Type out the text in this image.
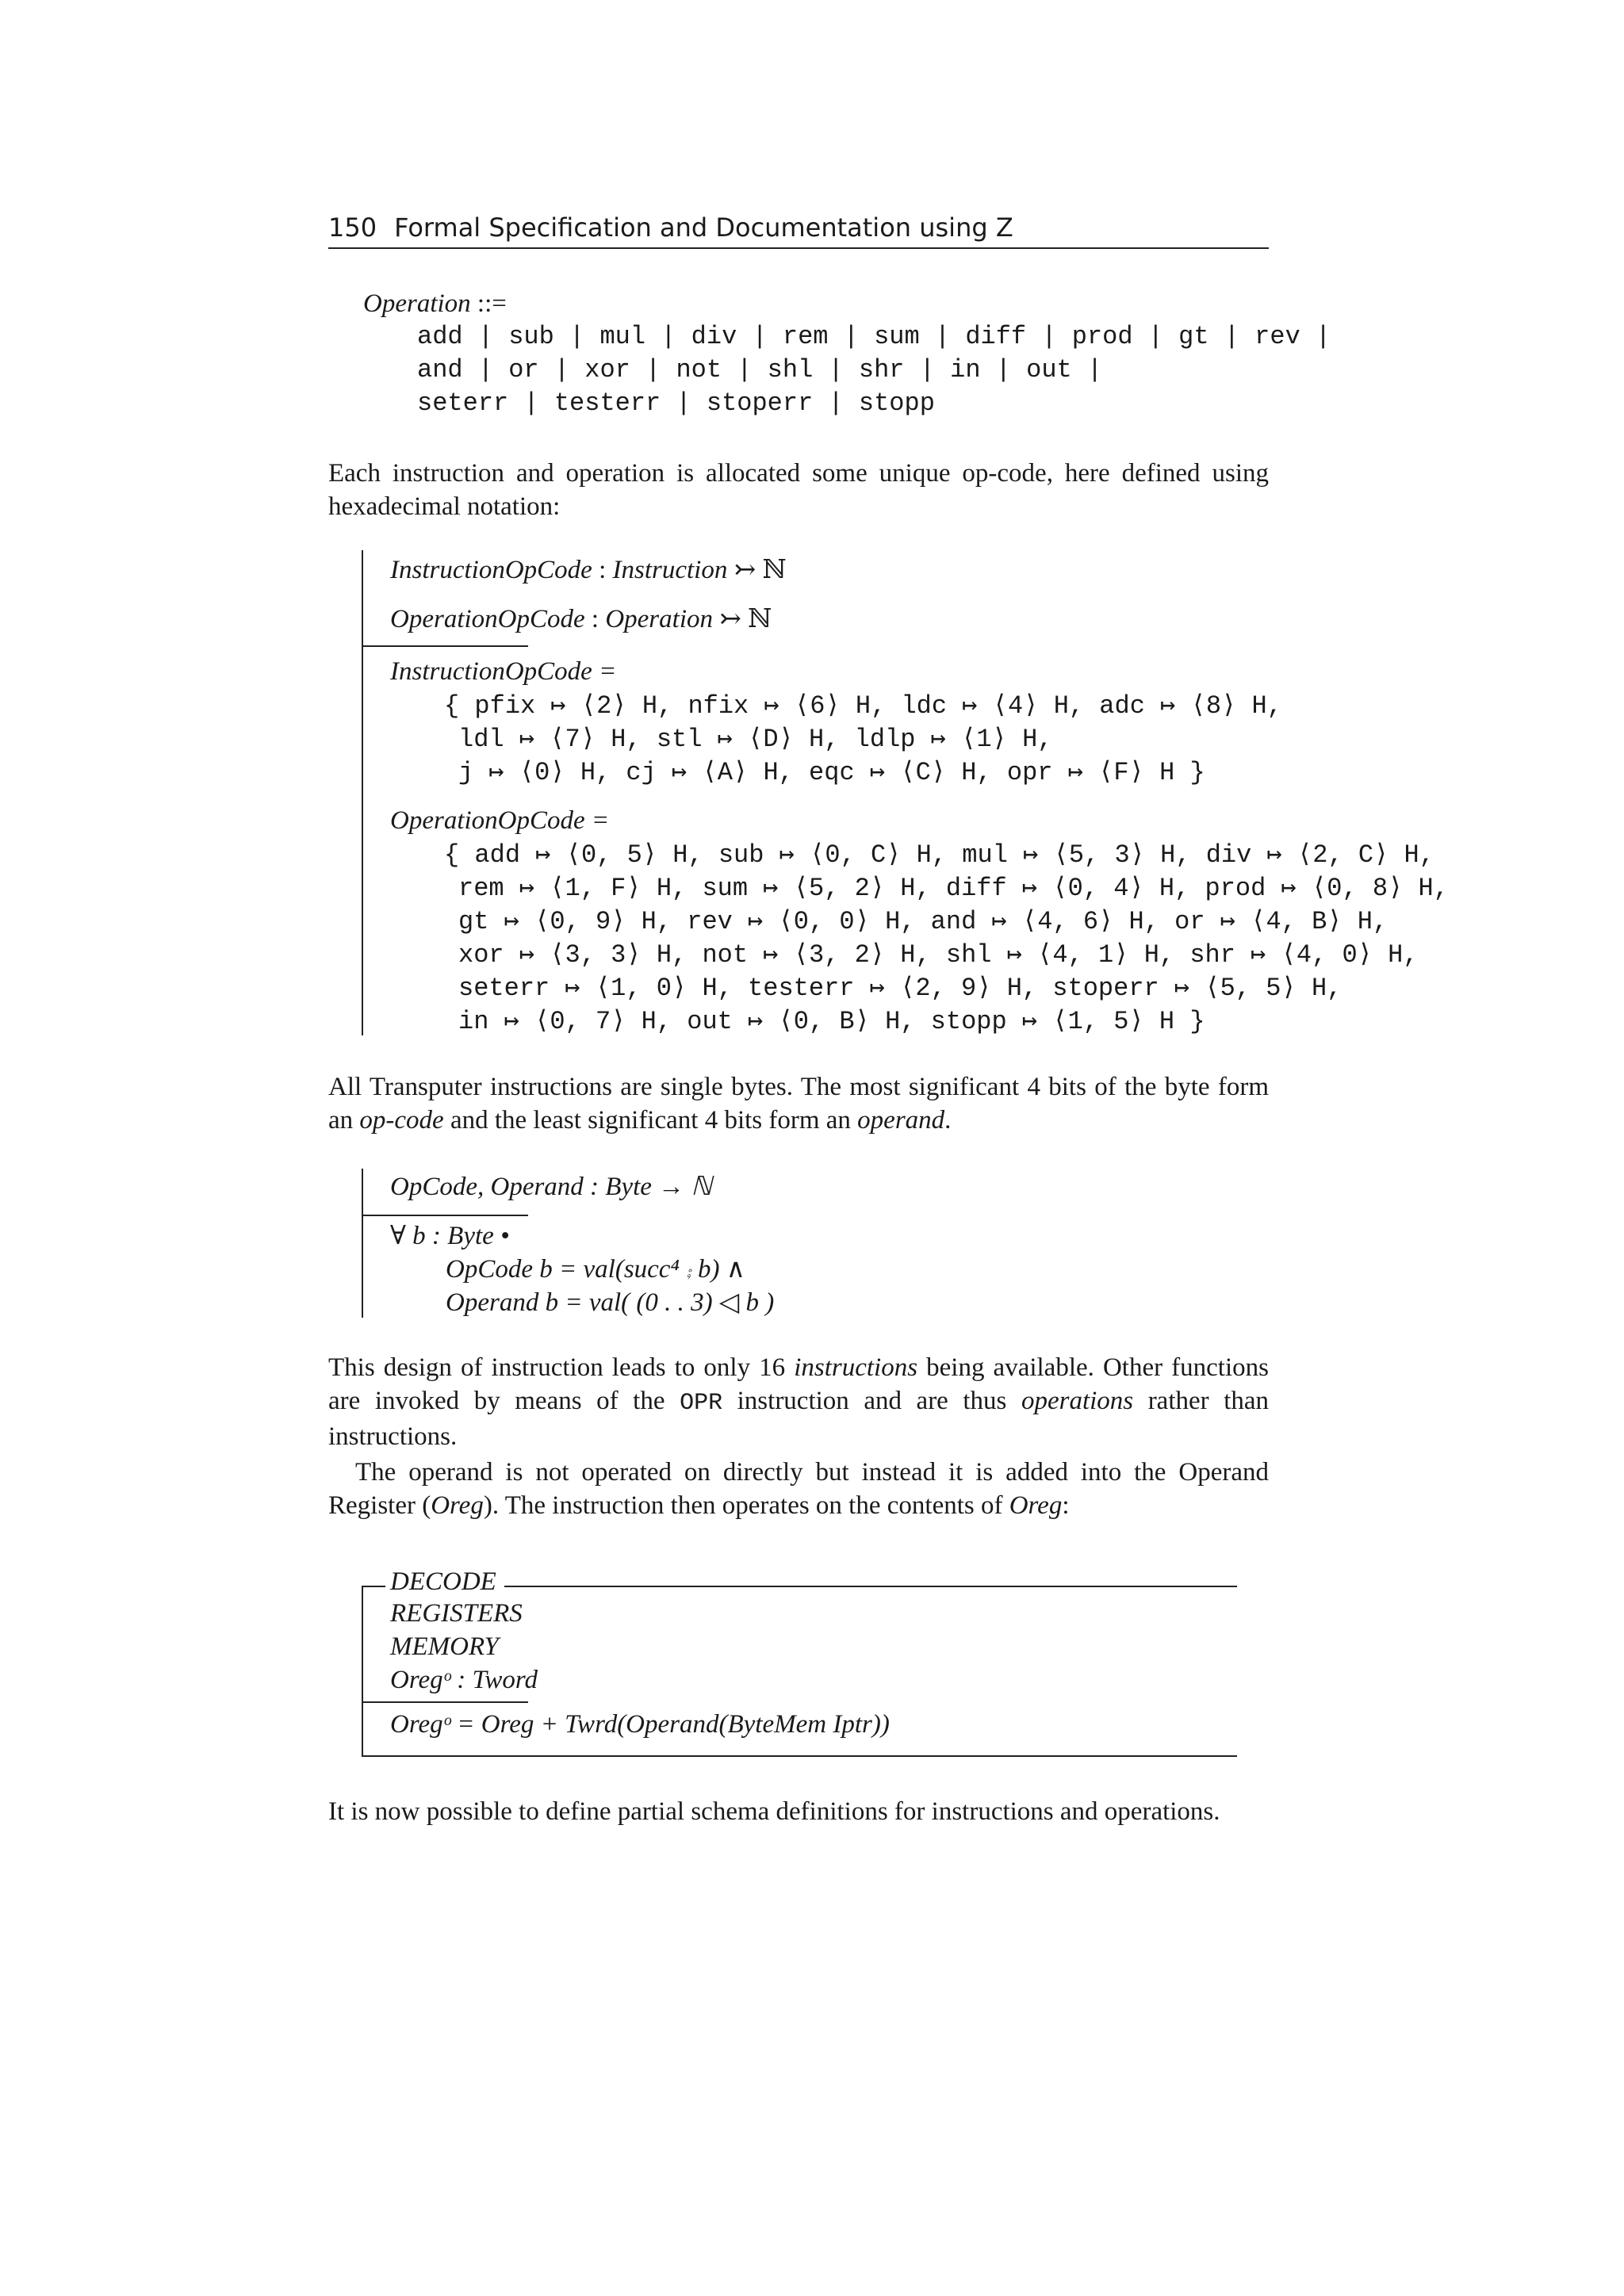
150 Formal Specification and Documentation using Z
Operation ::=
add | sub | mul | div | rem | sum | diff | prod | gt | rev |
and | or | xor | not | shl | shr | in | out |
seterr | testerr | stoperr | stopp
Each instruction and operation is allocated some unique op-code, here defined using hexadecimal notation:
InstructionOpCode : Instruction ↣ ℕ
OperationOpCode : Operation ↣ ℕ
InstructionOpCode =
{ pfix ↦ ⟨2⟩ H, nfix ↦ ⟨6⟩ H, ldc ↦ ⟨4⟩ H, adc ↦ ⟨8⟩ H,
ldl ↦ ⟨7⟩ H, stl ↦ ⟨D⟩ H, ldlp ↦ ⟨1⟩ H,
j ↦ ⟨0⟩ H, cj ↦ ⟨A⟩ H, eqc ↦ ⟨C⟩ H, opr ↦ ⟨F⟩ H }
OperationOpCode =
{ add ↦ ⟨0, 5⟩ H, sub ↦ ⟨0, C⟩ H, mul ↦ ⟨5, 3⟩ H, div ↦ ⟨2, C⟩ H,
rem ↦ ⟨1, F⟩ H, sum ↦ ⟨5, 2⟩ H, diff ↦ ⟨0, 4⟩ H, prod ↦ ⟨0, 8⟩ H,
gt ↦ ⟨0, 9⟩ H, rev ↦ ⟨0, 0⟩ H, and ↦ ⟨4, 6⟩ H, or ↦ ⟨4, B⟩ H,
xor ↦ ⟨3, 3⟩ H, not ↦ ⟨3, 2⟩ H, shl ↦ ⟨4, 1⟩ H, shr ↦ ⟨4, 0⟩ H,
seterr ↦ ⟨1, 0⟩ H, testerr ↦ ⟨2, 9⟩ H, stoperr ↦ ⟨5, 5⟩ H,
in ↦ ⟨0, 7⟩ H, out ↦ ⟨0, B⟩ H, stopp ↦ ⟨1, 5⟩ H }
All Transputer instructions are single bytes. The most significant 4 bits of the byte form an op-code and the least significant 4 bits form an operand.
OpCode, Operand : Byte → ℕ
∀ b : Byte •
OpCode b = val(succ⁴ ⨾ b) ∧
Operand b = val( (0 . . 3) ◁ b )
This design of instruction leads to only 16 instructions being available. Other functions are invoked by means of the OPR instruction and are thus operations rather than instructions.
The operand is not operated on directly but instead it is added into the Operand Register (Oreg). The instruction then operates on the contents of Oreg:
DECODE
REGISTERS
MEMORY
Oregᵒ : Tword
Oregᵒ = Oreg + Twrd(Operand(ByteMem Iptr))
It is now possible to define partial schema definitions for instructions and operations.
